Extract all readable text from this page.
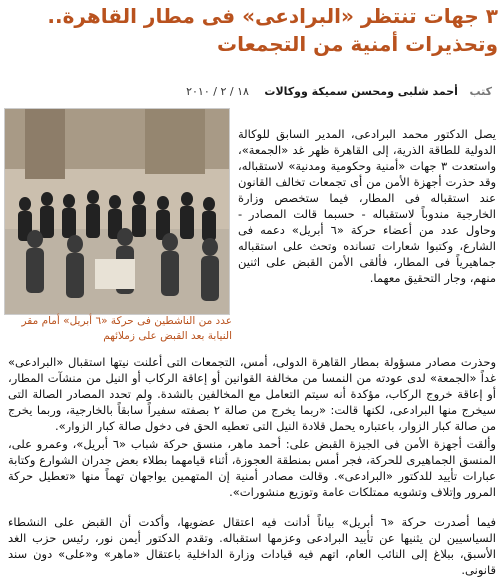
٣ جهات تنتظر «البرادعى» فى مطار القاهرة.. وتحذيرات أمنية من التجمعات
كتب أحمد شلبى ومحسن سميكة ووكالات ١٨ / ٢ / ٢٠١٠
عدد من الناشطين فى حركة «٦ أبريل» أمام مقر النيابة بعد القبض على زملائهم

يصل الدكتور محمد البرادعى، المدير السابق للوكالة الدولية للطاقة الذرية، إلى القاهرة ظهر غد «الجمعة»، واستعدت ٣ جهات «أمنية وحكومية ومدنية» لاستقباله، وقد حذرت أجهزة الأمن من أى تجمعات تخالف القانون عند استقباله فى المطار، فيما ستخصص وزارة الخارجية مندوباً لاستقباله - حسبما قالت المصادر - وحاول عدد من أعضاء حركة «٦ أبريل» دعمه فى الشارع، وكتبوا شعارات تسانده وتحث على استقباله جماهيرياً فى المطار، فألقى الأمن القبض على اثنين منهم، وجار التحقيق معهما.

وحذرت مصادر مسؤولة بمطار القاهرة الدولى، أمس، التجمعات التى أعلنت نيتها استقبال «البرادعى» غداً «الجمعة» لدى عودته من النمسا من مخالفة القوانين أو إعاقة الركاب أو النيل من منشآت المطار، أو إعاقة خروج الركاب، مؤكدة أنه سيتم التعامل مع المخالفين بالشدة. ولم تحدد المصادر الصالة التى سيخرج منها البرادعى، لكنها قالت: «ربما يخرج من صالة ٢ بصفته سفيراً سابقاً بالخارجية، وربما يخرج من صالة كبار الزوار، باعتباره يحمل قلادة النيل التى تعطيه الحق فى دخول صالة كبار الزوار».

وألقت أجهزة الأمن فى الجيزة القبض على: أحمد ماهر، منسق حركة شباب «٦ أبريل»، وعمرو على، المنسق الجماهيرى للحركة، فجر أمس بمنطقة العجوزة، أثناء قيامهما بطلاء بعض جدران الشوارع وكتابة عبارات تأييد للدكتور «البرادعى». وقالت مصادر أمنية إن المتهمين يواجهان تهماً منها «تعطيل حركة المرور وإتلاف وتشويه ممتلكات عامة وتوزيع منشورات».

فيما أصدرت حركة «٦ أبريل» بياناً أدانت فيه اعتقال عضويها، وأكدت أن القبض على النشطاء السياسيين لن يثنيها عن تأييد البرادعى وعزمها استقباله. وتقدم الدكتور أيمن نور، رئيس حزب الغد الأسبق، ببلاغ إلى النائب العام، اتهم فيه قيادات وزارة الداخلية باعتقال «ماهر» و«على» دون سند قانونى.
